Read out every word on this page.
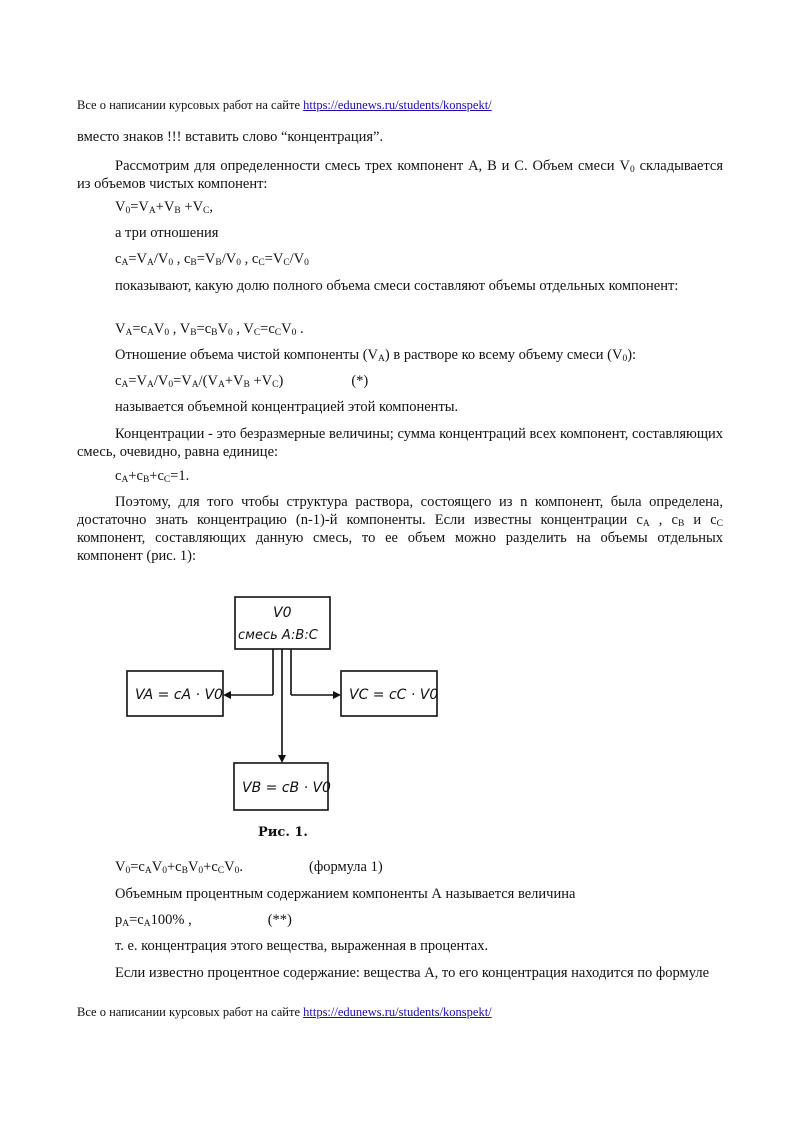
Все о написании курсовых работ на сайте https://edunews.ru/students/konspekt/

вместо знаков !!! вставить слово “концентрация”.

Рассмотрим для определенности смесь трех компонент А, В и С. Объем смеси $V_0$ складывается из объемов чистых компонент:

$V_0=V_A+V_B +V_C$,

а три отношения

$c_A=V_A/V_0$ , $c_B=V_B/V_0$ , $c_C=V_C/V_0$

показывают, какую долю полного объема смеси составляют объемы отдельных компонент:

$V_A=c_AV_0$ , $V_B=c_BV_0$ , $V_C=c_CV_0$ .

Отношение объема чистой компоненты $(V_A)$ в растворе ко всему объему смеси $(V_0)$:

$c_A=V_A/V_0=V_A/(V_A+V_B +V_C)$	(*)

называется объемной концентрацией этой компоненты.

Концентрации - это безразмерные величины; сумма концентраций всех компонент, составляющих смесь, очевидно, равна единице:

$c_A+c_B+c_C=1$.

Поэтому, для того чтобы структура раствора, состоящего из n компонент, была определена, достаточно знать концентрацию (n-1)-й компоненты. Если известны концентрации $c_A$ , $c_B$ и $c_C$ компонент, составляющих данную смесь, то ее объем можно разделить на объемы отдельных компонент (рис. 1):

V0
смесь A:B:C
VA = cA · V0	VC = cC · V0
VB = cB · V0
Рис. 1.

$V_0=c_AV_0+c_BV_0+c_CV_0$.	(формула 1)

Объемным процентным содержанием компоненты А называется величина

$p_A=c_A100\%$ ,	(**)

т. е. концентрация этого вещества, выраженная в процентах.

Если известно процентное содержание: вещества А, то его концентрация находится по формуле

Все о написании курсовых работ на сайте https://edunews.ru/students/konspekt/
